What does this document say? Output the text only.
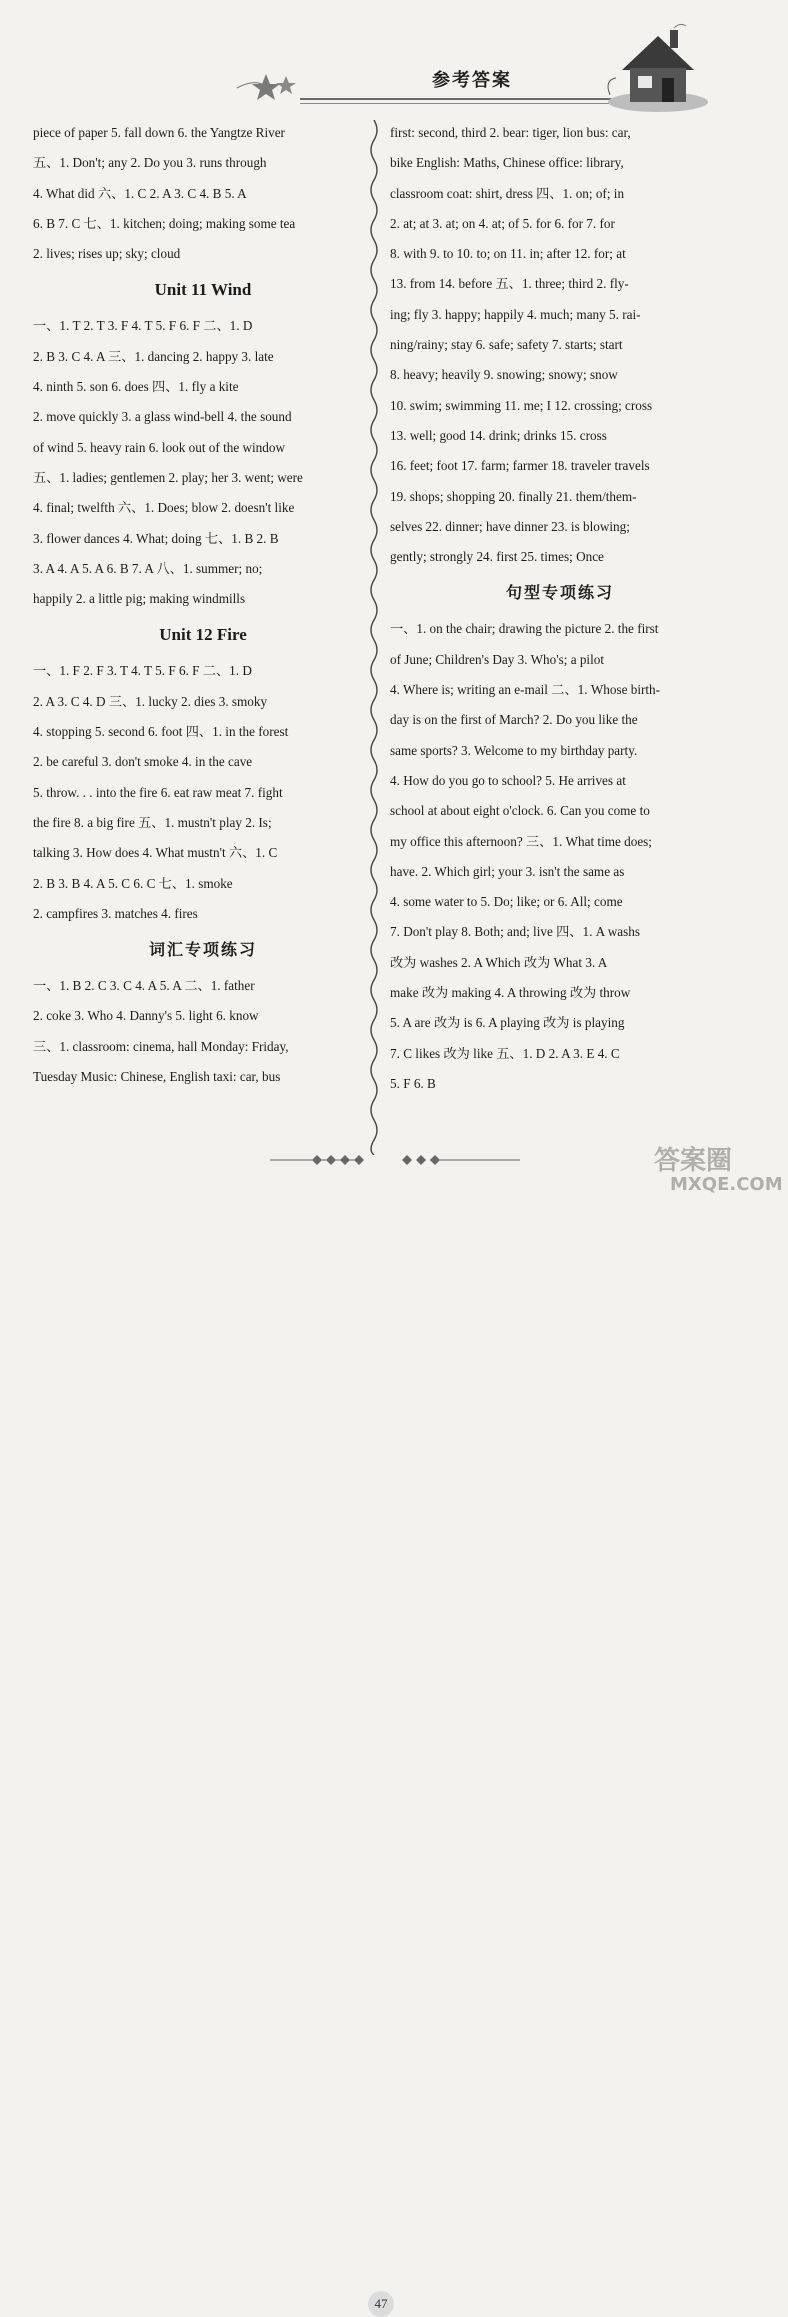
参考答案
piece of paper 5. fall down 6. the Yangtze River
五、1. Don't; any 2. Do you 3. runs through
4. What did 六、1. C 2. A 3. C 4. B 5. A
6. B 7. C 七、1. kitchen; doing; making some tea
2. lives; rises up; sky; cloud
Unit 11 Wind
一、1. T 2. T 3. F 4. T 5. F 6. F 二、1. D
2. B 3. C 4. A 三、1. dancing 2. happy 3. late
4. ninth 5. son 6. does 四、1. fly a kite
2. move quickly 3. a glass wind-bell 4. the sound
of wind 5. heavy rain 6. look out of the window
五、1. ladies; gentlemen 2. play; her 3. went; were
4. final; twelfth 六、1. Does; blow 2. doesn't like
3. flower dances 4. What; doing 七、1. B 2. B
3. A 4. A 5. A 6. B 7. A 八、1. summer; no;
happily 2. a little pig; making windmills
Unit 12 Fire
一、1. F 2. F 3. T 4. T 5. F 6. F 二、1. D
2. A 3. C 4. D 三、1. lucky 2. dies 3. smoky
4. stopping 5. second 6. foot 四、1. in the forest
2. be careful 3. don't smoke 4. in the cave
5. throw. . . into the fire 6. eat raw meat 7. fight
the fire 8. a big fire 五、1. mustn't play 2. Is;
talking 3. How does 4. What mustn't 六、1. C
2. B 3. B 4. A 5. C 6. C 七、1. smoke
2. campfires 3. matches 4. fires
词汇专项练习
一、1. B 2. C 3. C 4. A 5. A 二、1. father
2. coke 3. Who 4. Danny's 5. light 6. know
三、1. classroom: cinema, hall Monday: Friday,
Tuesday Music: Chinese, English taxi: car, bus
first: second, third 2. bear: tiger, lion bus: car,
bike English: Maths, Chinese office: library,
classroom coat: shirt, dress 四、1. on; of; in
2. at; at 3. at; on 4. at; of 5. for 6. for 7. for
8. with 9. to 10. to; on 11. in; after 12. for; at
13. from 14. before 五、1. three; third 2. fly-
ing; fly 3. happy; happily 4. much; many 5. rai-
ning/rainy; stay 6. safe; safety 7. starts; start
8. heavy; heavily 9. snowing; snowy; snow
10. swim; swimming 11. me; I 12. crossing; cross
13. well; good 14. drink; drinks 15. cross
16. feet; foot 17. farm; farmer 18. traveler travels
19. shops; shopping 20. finally 21. them/them-
selves 22. dinner; have dinner 23. is blowing;
gently; strongly 24. first 25. times; Once
句型专项练习
一、1. on the chair; drawing the picture 2. the first
of June; Children's Day 3. Who's; a pilot
4. Where is; writing an e-mail 二、1. Whose birth-
day is on the first of March? 2. Do you like the
same sports? 3. Welcome to my birthday party.
4. How do you go to school? 5. He arrives at
school at about eight o'clock. 6. Can you come to
my office this afternoon? 三、1. What time does;
have. 2. Which girl; your 3. isn't the same as
4. some water to 5. Do; like; or 6. All; come
7. Don't play 8. Both; and; live 四、1. A washs
改为 washes 2. A Which 改为 What 3. A
make 改为 making 4. A throwing 改为 throw
5. A are 改为 is 6. A playing 改为 is playing
7. C likes 改为 like 五、1. D 2. A 3. E 4. C
5. F 6. B
47
答案圈
MXQE.COM
